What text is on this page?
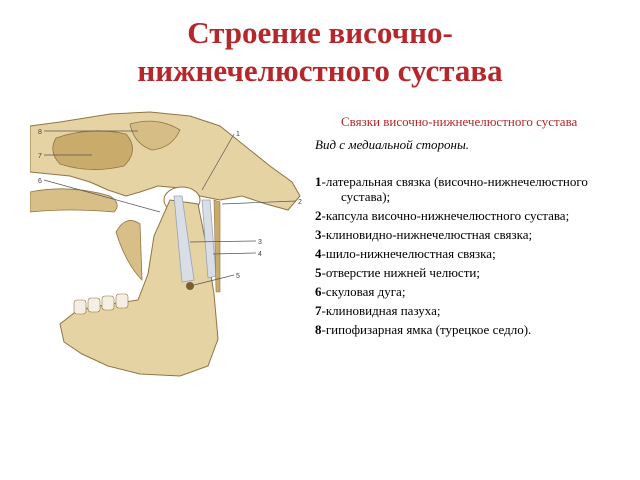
Строение височно-
нижнечелюстного сустава
8
7
6
1
2
3
4
5
Связки височно-нижнечелюстного сустава
Вид с медиальной стороны.
1-латеральная связка (височно-нижнечелюстного сустава);
2-капсула височно-нижнечелюстного сустава;
3-клиновидно-нижнечелюстная связка;
4-шило-нижнечелюстная связка;
5-отверстие нижней челюсти;
6-скуловая дуга;
7-клиновидная пазуха;
8-гипофизарная ямка (турецкое седло).
